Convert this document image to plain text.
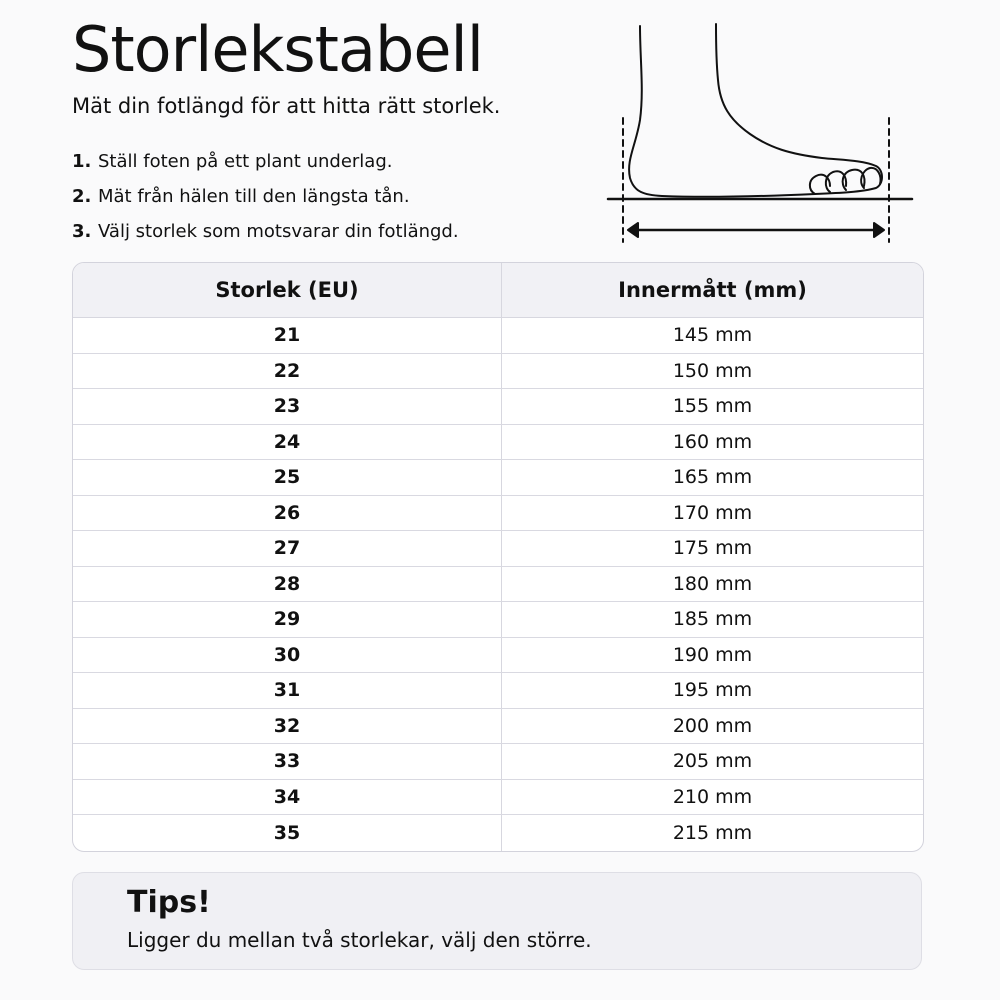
Storlekstabell

Mät din fotlängd för att hitta rätt storlek.

1. Ställ foten på ett plant underlag.
2. Mät från hälen till den längsta tån.
3. Välj storlek som motsvarar din fotlängd.
Storlek (EU)	Innermått (mm)
21	145 mm
22	150 mm
23	155 mm
24	160 mm
25	165 mm
26	170 mm
27	175 mm
28	180 mm
29	185 mm
30	190 mm
31	195 mm
32	200 mm
33	205 mm
34	210 mm
35	215 mm

Tips!

Ligger du mellan två storlekar, välj den större.
